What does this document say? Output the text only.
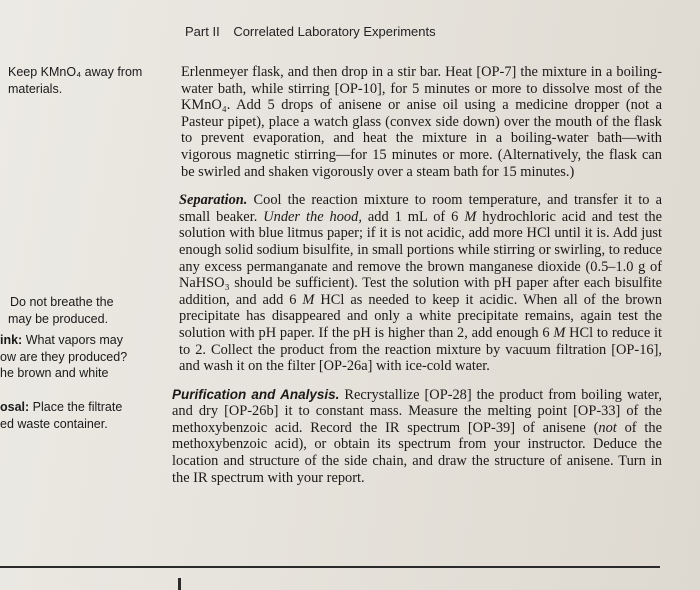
Part II Correlated Laboratory Experiments
Keep KMnO₄ away from
materials.
Do not breathe the
may be produced.
ink: What vapors may
ow are they produced?
he brown and white
osal: Place the filtrate
ed waste container.

Erlenmeyer flask, and then drop in a stir bar. Heat [OP-7] the mixture in a boiling-water bath, while stirring [OP-10], for 5 minutes or more to dissolve most of the KMnO₄. Add 5 drops of anisene or anise oil using a medicine dropper (not a Pasteur pipet), place a watch glass (convex side down) over the mouth of the flask to prevent evaporation, and heat the mixture in a boiling-water bath—with vigorous magnetic stirring—for 15 minutes or more. (Alternatively, the flask can be swirled and shaken vigorously over a steam bath for 15 minutes.)

Separation. Cool the reaction mixture to room temperature, and transfer it to a small beaker. Under the hood, add 1 mL of 6 M hydrochloric acid and test the solution with blue litmus paper; if it is not acidic, add more HCl until it is. Add just enough solid sodium bisulfite, in small portions while stirring or swirling, to reduce any excess permanganate and remove the brown manganese dioxide (0.5–1.0 g of NaHSO₃ should be sufficient). Test the solution with pH paper after each bisulfite addition, and add 6 M HCl as needed to keep it acidic. When all of the brown precipitate has disappeared and only a white precipitate remains, again test the solution with pH paper. If the pH is higher than 2, add enough 6 M HCl to reduce it to 2. Collect the product from the reaction mixture by vacuum filtration [OP-16], and wash it on the filter [OP-26a] with ice-cold water.

Purification and Analysis. Recrystallize [OP-28] the product from boiling water, and dry [OP-26b] it to constant mass. Measure the melting point [OP-33] of the methoxybenzoic acid. Record the IR spectrum [OP-39] of anisene (not of the methoxybenzoic acid), or obtain its spectrum from your instructor. Deduce the location and structure of the side chain, and draw the structure of anisene. Turn in the IR spectrum with your report.
